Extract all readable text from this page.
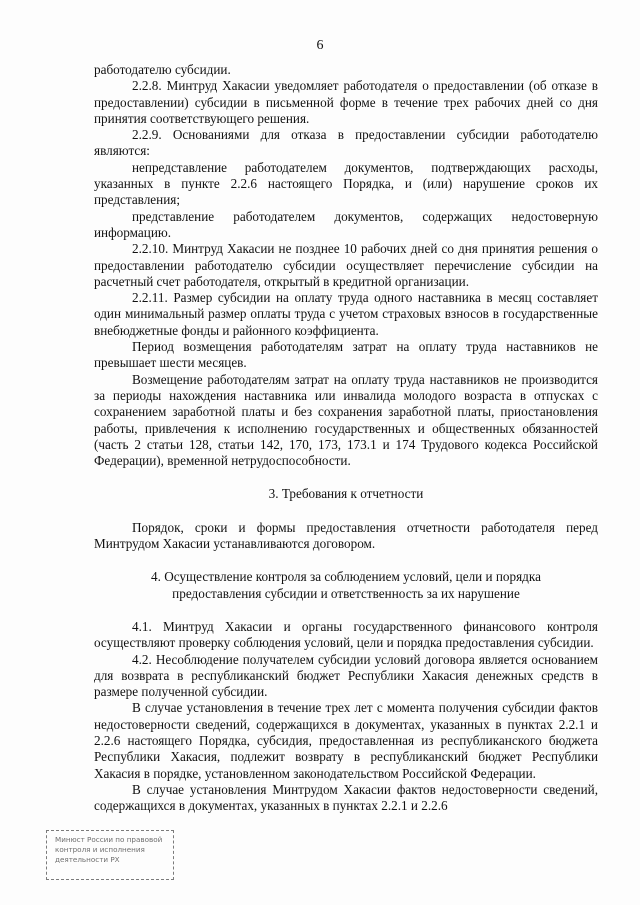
6

работодателю субсидии.

2.2.8. Минтруд Хакасии уведомляет работодателя о предоставлении (об отказе в предоставлении) субсидии в письменной форме в течение трех рабочих дней со дня принятия соответствующего решения.

2.2.9. Основаниями для отказа в предоставлении субсидии работодателю являются:

непредставление работодателем документов, подтверждающих расходы, указанных в пункте 2.2.6 настоящего Порядка, и (или) нарушение сроков их представления;

представление работодателем документов, содержащих недостоверную информацию.

2.2.10. Минтруд Хакасии не позднее 10 рабочих дней со дня принятия решения о предоставлении работодателю субсидии осуществляет перечисление субсидии на расчетный счет работодателя, открытый в кредитной организации.

2.2.11. Размер субсидии на оплату труда одного наставника в месяц составляет один минимальный размер оплаты труда с учетом страховых взносов в государственные внебюджетные фонды и районного коэффициента.

Период возмещения работодателям затрат на оплату труда наставников не превышает шести месяцев.

Возмещение работодателям затрат на оплату труда наставников не производится за периоды нахождения наставника или инвалида молодого возраста в отпусках с сохранением заработной платы и без сохранения заработной платы, приостановления работы, привлечения к исполнению государственных и общественных обязанностей (часть 2 статьи 128, статьи 142, 170, 173, 173.1 и 174 Трудового кодекса Российской Федерации), временной нетрудоспособности.

3. Требования к отчетности

Порядок, сроки и формы предоставления отчетности работодателя перед Минтрудом Хакасии устанавливаются договором.

4. Осуществление контроля за соблюдением условий, цели и порядка

предоставления субсидии и ответственность за их нарушение

4.1. Минтруд Хакасии и органы государственного финансового контроля осуществляют проверку соблюдения условий, цели и порядка предоставления субсидии.

4.2. Несоблюдение получателем субсидии условий договора является основанием для возврата в республиканский бюджет Республики Хакасия денежных средств в размере полученной субсидии.

В случае установления в течение трех лет с момента получения субсидии фактов недостоверности сведений, содержащихся в документах, указанных в пунктах 2.2.1 и 2.2.6 настоящего Порядка, субсидия, предоставленная из республиканского бюджета Республики Хакасия, подлежит возврату в республиканский бюджет Республики Хакасия в порядке, установленном законодательством Российской Федерации.

В случае установления Минтрудом Хакасии фактов недостоверности сведений, содержащихся в документах, указанных в пунктах 2.2.1 и 2.2.6

Минюст России по правовой
контроля и исполнения
деятельности РХ
